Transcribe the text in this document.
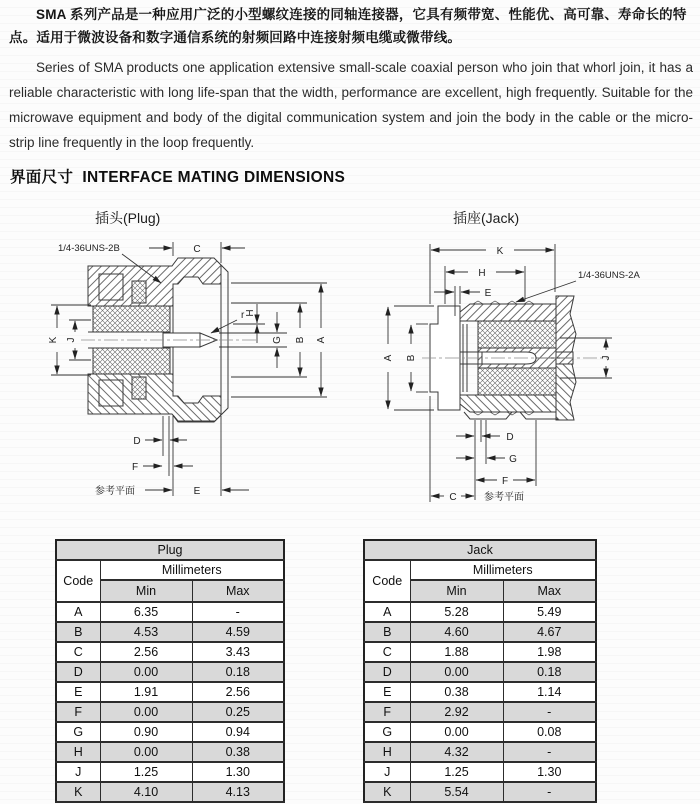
SMA 系列产品是一种应用广泛的小型螺纹连接的同轴连接器，它具有频带宽、性能优、高可靠、寿命长的特点。适用于微波设备和数字通信系统的射频回路中连接射频电缆或微带线。

Series of SMA products one application extensive small-scale coaxial person who join that whorl join, it has a reliable characteristic with long life-span that the width, performance are excellent, high frequently. Suitable for the microwave equipment and body of the digital communication system and join the body in the cable or the micro-strip line frequently in the loop frequently.

界面尺寸 INTERFACE MATING DIMENSIONS
插头(Plug)	插座(Jack)
C
A
B
G
H
r
K J
D
F
E
参考平面
1/4-36UNS-2B	K
H
E
1/4-36UNS-2A
A B	J
D
G
F
C	参考平面
Plug		
Code	Millimeters	
	Min	Max
A	6.35	-
B	4.53	4.59
C	2.56	3.43
D	0.00	0.18
E	1.91	2.56
F	0.00	0.25
G	0.90	0.94
H	0.00	0.38
J	1.25	1.30
K	4.10	4.13
Jack		
Code	Millimeters	
	Min	Max
A	5.28	5.49
B	4.60	4.67
C	1.88	1.98
D	0.00	0.18
E	0.38	1.14
F	2.92	-
G	0.00	0.08
H	4.32	-
J	1.25	1.30
K	5.54	-
